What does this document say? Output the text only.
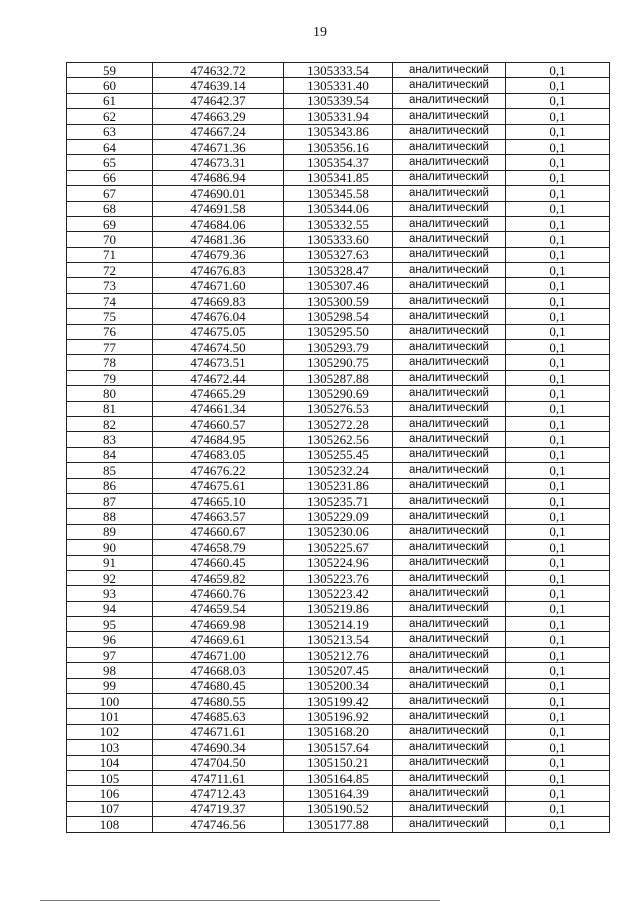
19
59	474632.72	1305333.54	аналитический	0,1
60	474639.14	1305331.40	аналитический	0,1
61	474642.37	1305339.54	аналитический	0,1
62	474663.29	1305331.94	аналитический	0,1
63	474667.24	1305343.86	аналитический	0,1
64	474671.36	1305356.16	аналитический	0,1
65	474673.31	1305354.37	аналитический	0,1
66	474686.94	1305341.85	аналитический	0,1
67	474690.01	1305345.58	аналитический	0,1
68	474691.58	1305344.06	аналитический	0,1
69	474684.06	1305332.55	аналитический	0,1
70	474681.36	1305333.60	аналитический	0,1
71	474679.36	1305327.63	аналитический	0,1
72	474676.83	1305328.47	аналитический	0,1
73	474671.60	1305307.46	аналитический	0,1
74	474669.83	1305300.59	аналитический	0,1
75	474676.04	1305298.54	аналитический	0,1
76	474675.05	1305295.50	аналитический	0,1
77	474674.50	1305293.79	аналитический	0,1
78	474673.51	1305290.75	аналитический	0,1
79	474672.44	1305287.88	аналитический	0,1
80	474665.29	1305290.69	аналитический	0,1
81	474661.34	1305276.53	аналитический	0,1
82	474660.57	1305272.28	аналитический	0,1
83	474684.95	1305262.56	аналитический	0,1
84	474683.05	1305255.45	аналитический	0,1
85	474676.22	1305232.24	аналитический	0,1
86	474675.61	1305231.86	аналитический	0,1
87	474665.10	1305235.71	аналитический	0,1
88	474663.57	1305229.09	аналитический	0,1
89	474660.67	1305230.06	аналитический	0,1
90	474658.79	1305225.67	аналитический	0,1
91	474660.45	1305224.96	аналитический	0,1
92	474659.82	1305223.76	аналитический	0,1
93	474660.76	1305223.42	аналитический	0,1
94	474659.54	1305219.86	аналитический	0,1
95	474669.98	1305214.19	аналитический	0,1
96	474669.61	1305213.54	аналитический	0,1
97	474671.00	1305212.76	аналитический	0,1
98	474668.03	1305207.45	аналитический	0,1
99	474680.45	1305200.34	аналитический	0,1
100	474680.55	1305199.42	аналитический	0,1
101	474685.63	1305196.92	аналитический	0,1
102	474671.61	1305168.20	аналитический	0,1
103	474690.34	1305157.64	аналитический	0,1
104	474704.50	1305150.21	аналитический	0,1
105	474711.61	1305164.85	аналитический	0,1
106	474712.43	1305164.39	аналитический	0,1
107	474719.37	1305190.52	аналитический	0,1
108	474746.56	1305177.88	аналитический	0,1
